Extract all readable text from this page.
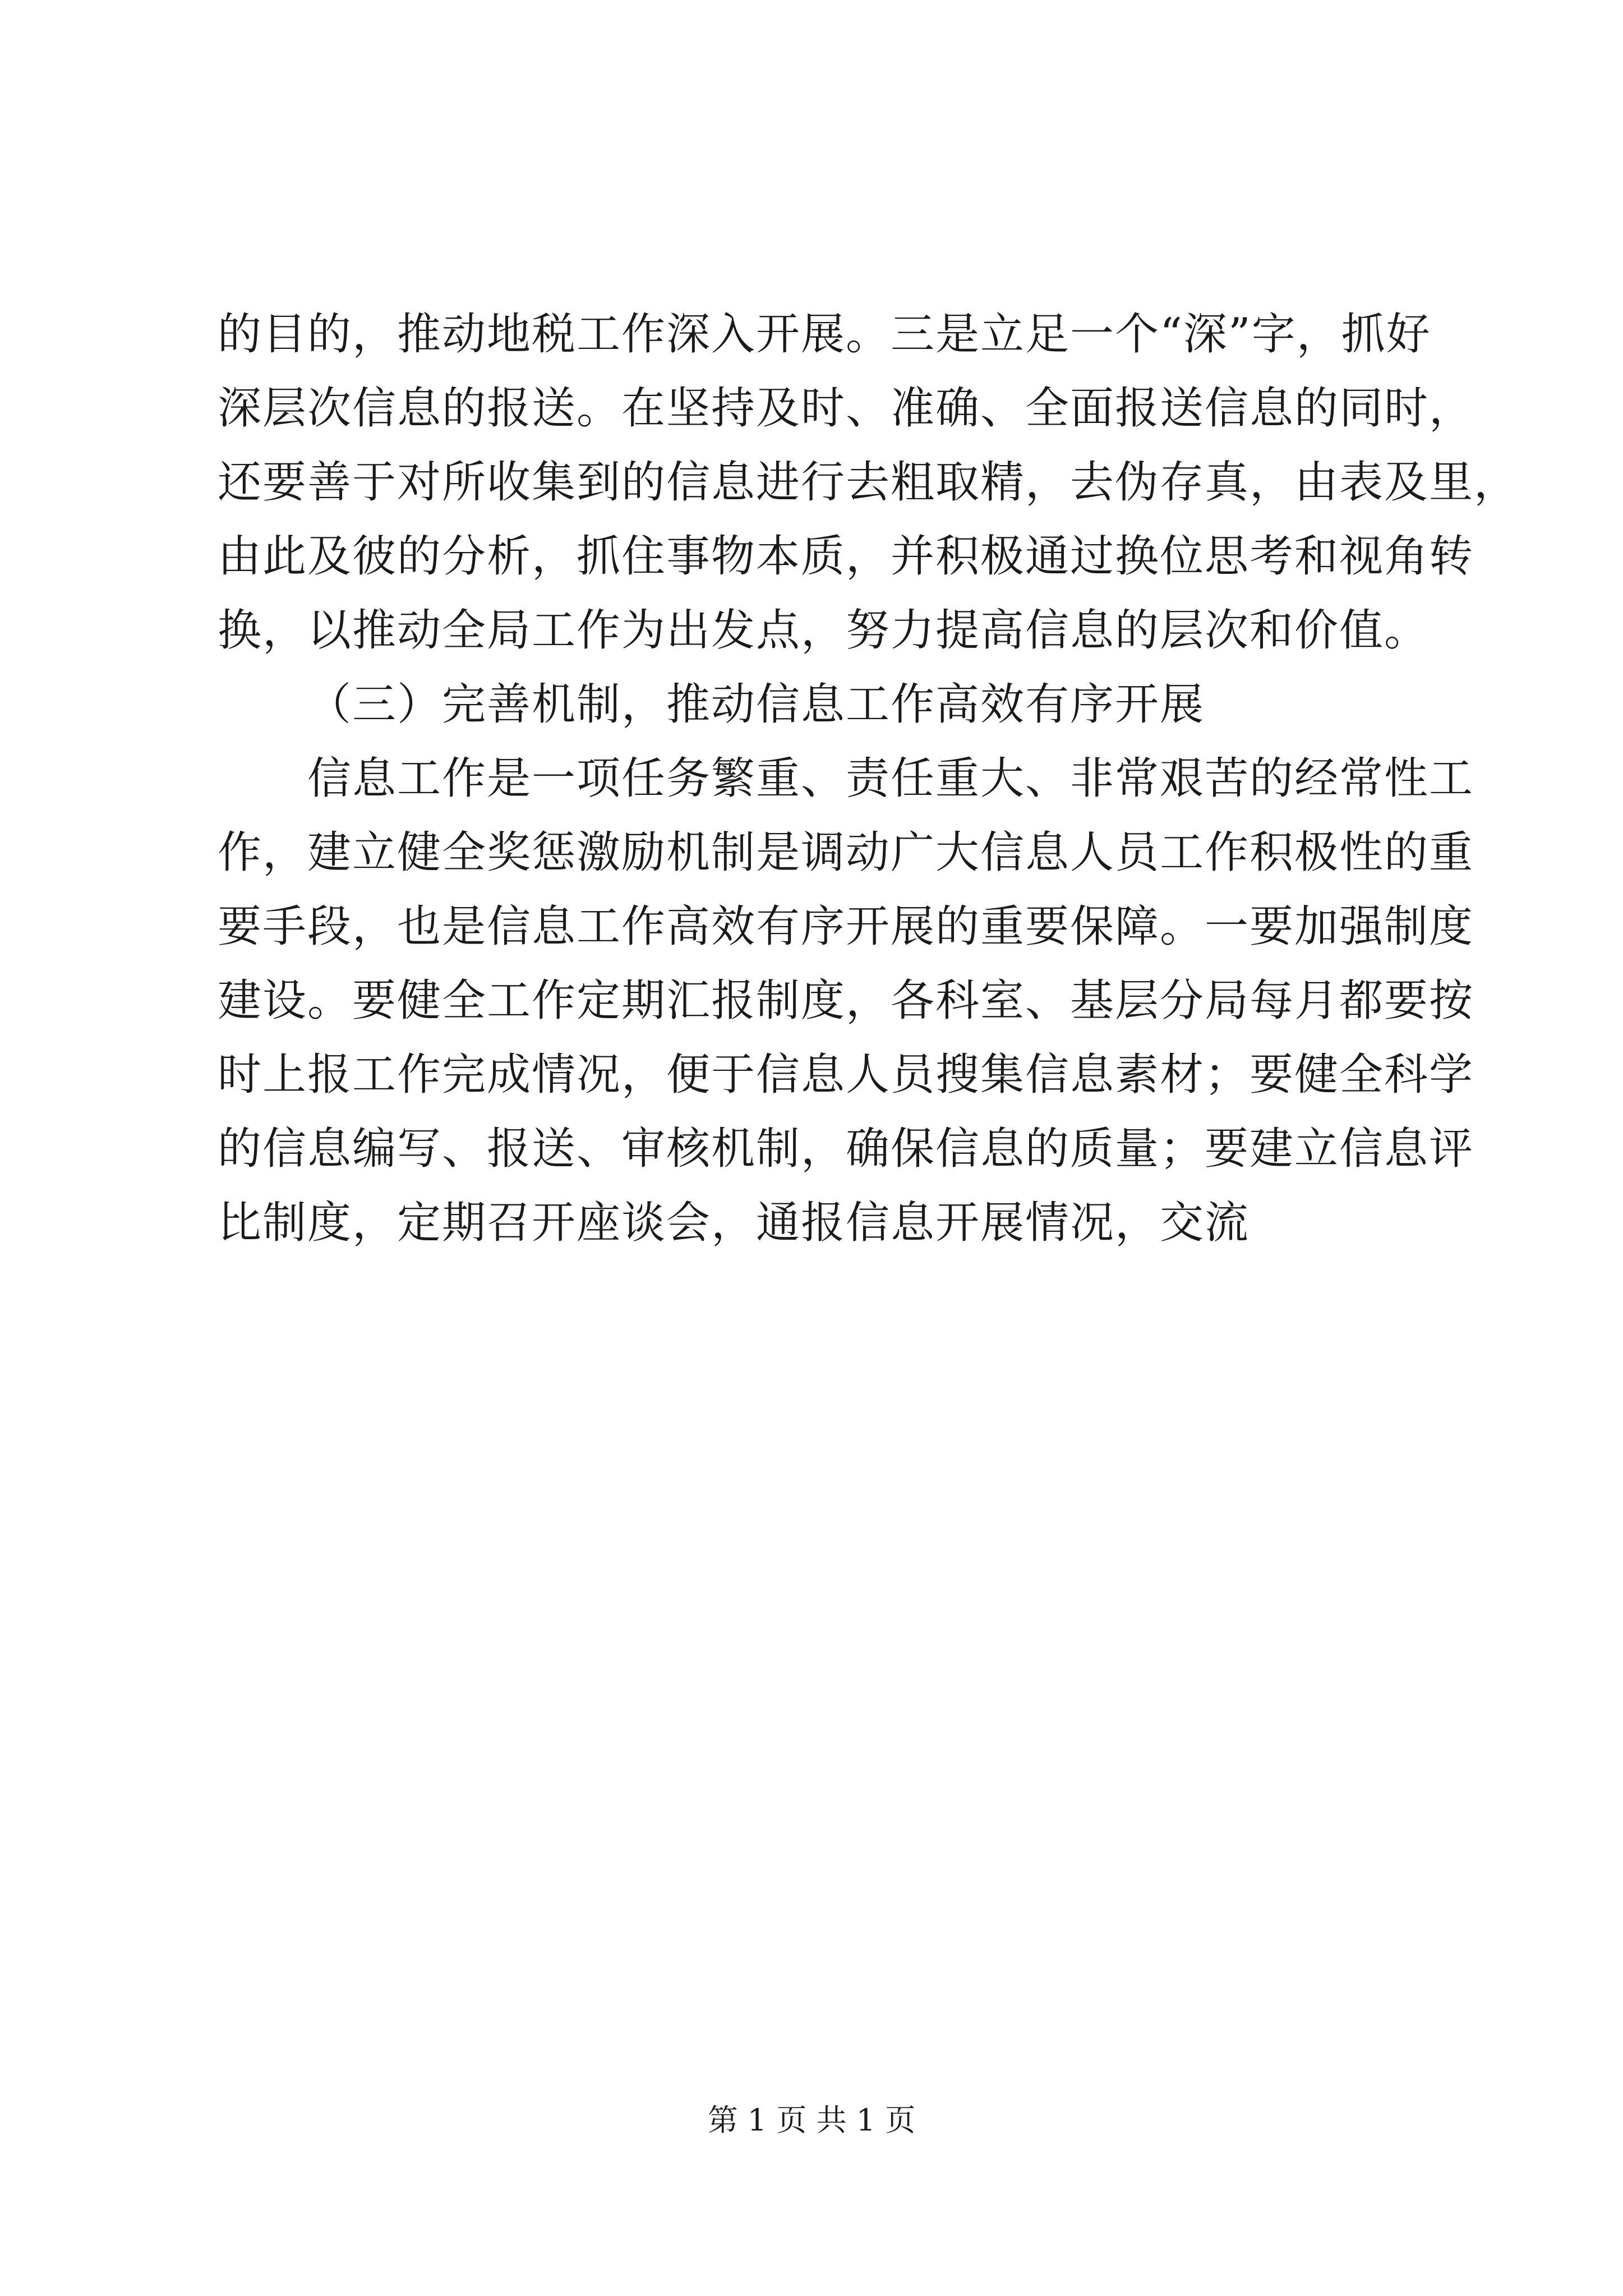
的目的，推动地税工作深入开展。三是立足一个“深”字，抓好
深层次信息的报送。在坚持及时、准确、全面报送信息的同时，
还要善于对所收集到的信息进行去粗取精，去伪存真，由表及里，
由此及彼的分析，抓住事物本质，并积极通过换位思考和视角转
换，以推动全局工作为出发点，努力提高信息的层次和价值。
（三）完善机制，推动信息工作高效有序开展
信息工作是一项任务繁重、责任重大、非常艰苦的经常性工
作，建立健全奖惩激励机制是调动广大信息人员工作积极性的重
要手段，也是信息工作高效有序开展的重要保障。一要加强制度
建设。要健全工作定期汇报制度，各科室、基层分局每月都要按
时上报工作完成情况，便于信息人员搜集信息素材；要健全科学
的信息编写、报送、审核机制，确保信息的质量；要建立信息评
比制度，定期召开座谈会，通报信息开展情况，交流
第 1 页 共 1 页
